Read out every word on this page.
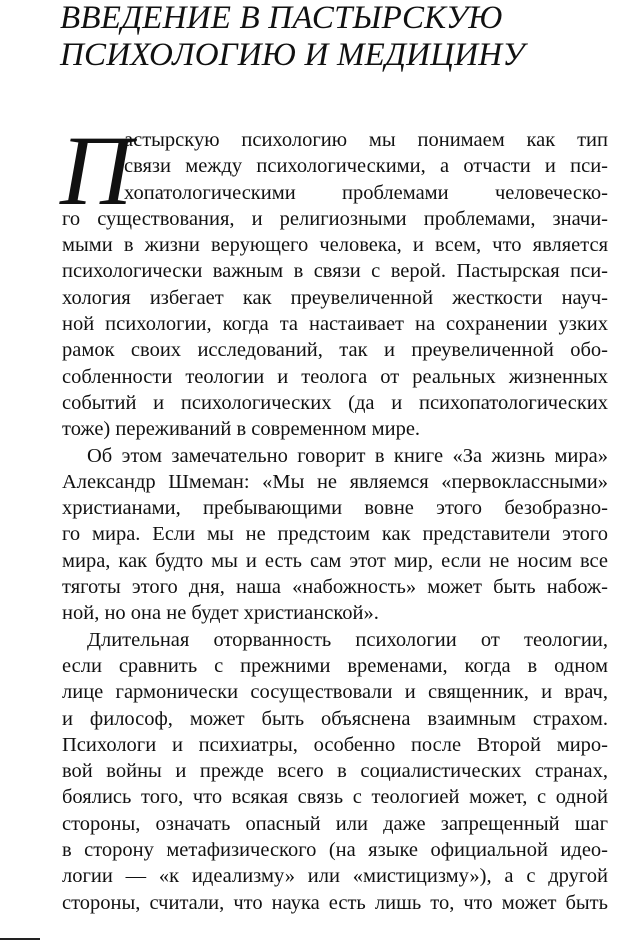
ВВЕДЕНИЕ В ПАСТЫРСКУЮ
ПСИХОЛОГИЮ И МЕДИЦИНУ
П
астырскую психологию мы понимаем как тип
связи между психологическими, а отчасти и пси-
хопатологическими проблемами человеческо-
го существования, и религиозными проблемами, значи-
мыми в жизни верующего человека, и всем, что является
психологически важным в связи с верой. Пастырская пси-
хология избегает как преувеличенной жесткости науч-
ной психологии, когда та настаивает на сохранении узких
рамок своих исследований, так и преувеличенной обо-
собленности теологии и теолога от реальных жизненных
событий и психологических (да и психопатологических
тоже) переживаний в современном мире.
Об этом замечательно говорит в книге «За жизнь мира»
Александр Шмеман: «Мы не являемся «первоклассными»
христианами, пребывающими вовне этого безобразно-
го мира. Если мы не предстоим как представители этого
мира, как будто мы и есть сам этот мир, если не носим все
тяготы этого дня, наша «набожность» может быть набож-
ной, но она не будет христианской».
Длительная оторванность психологии от теологии,
если сравнить с прежними временами, когда в одном
лице гармонически сосуществовали и священник, и врач,
и философ, может быть объяснена взаимным страхом.
Психологи и психиатры, особенно после Второй миро-
вой войны и прежде всего в социалистических странах,
боялись того, что всякая связь с теологией может, с одной
стороны, означать опасный или даже запрещенный шаг
в сторону метафизического (на языке официальной идео-
логии — «к идеализму» или «мистицизму»), а с другой
стороны, считали, что наука есть лишь то, что может быть
